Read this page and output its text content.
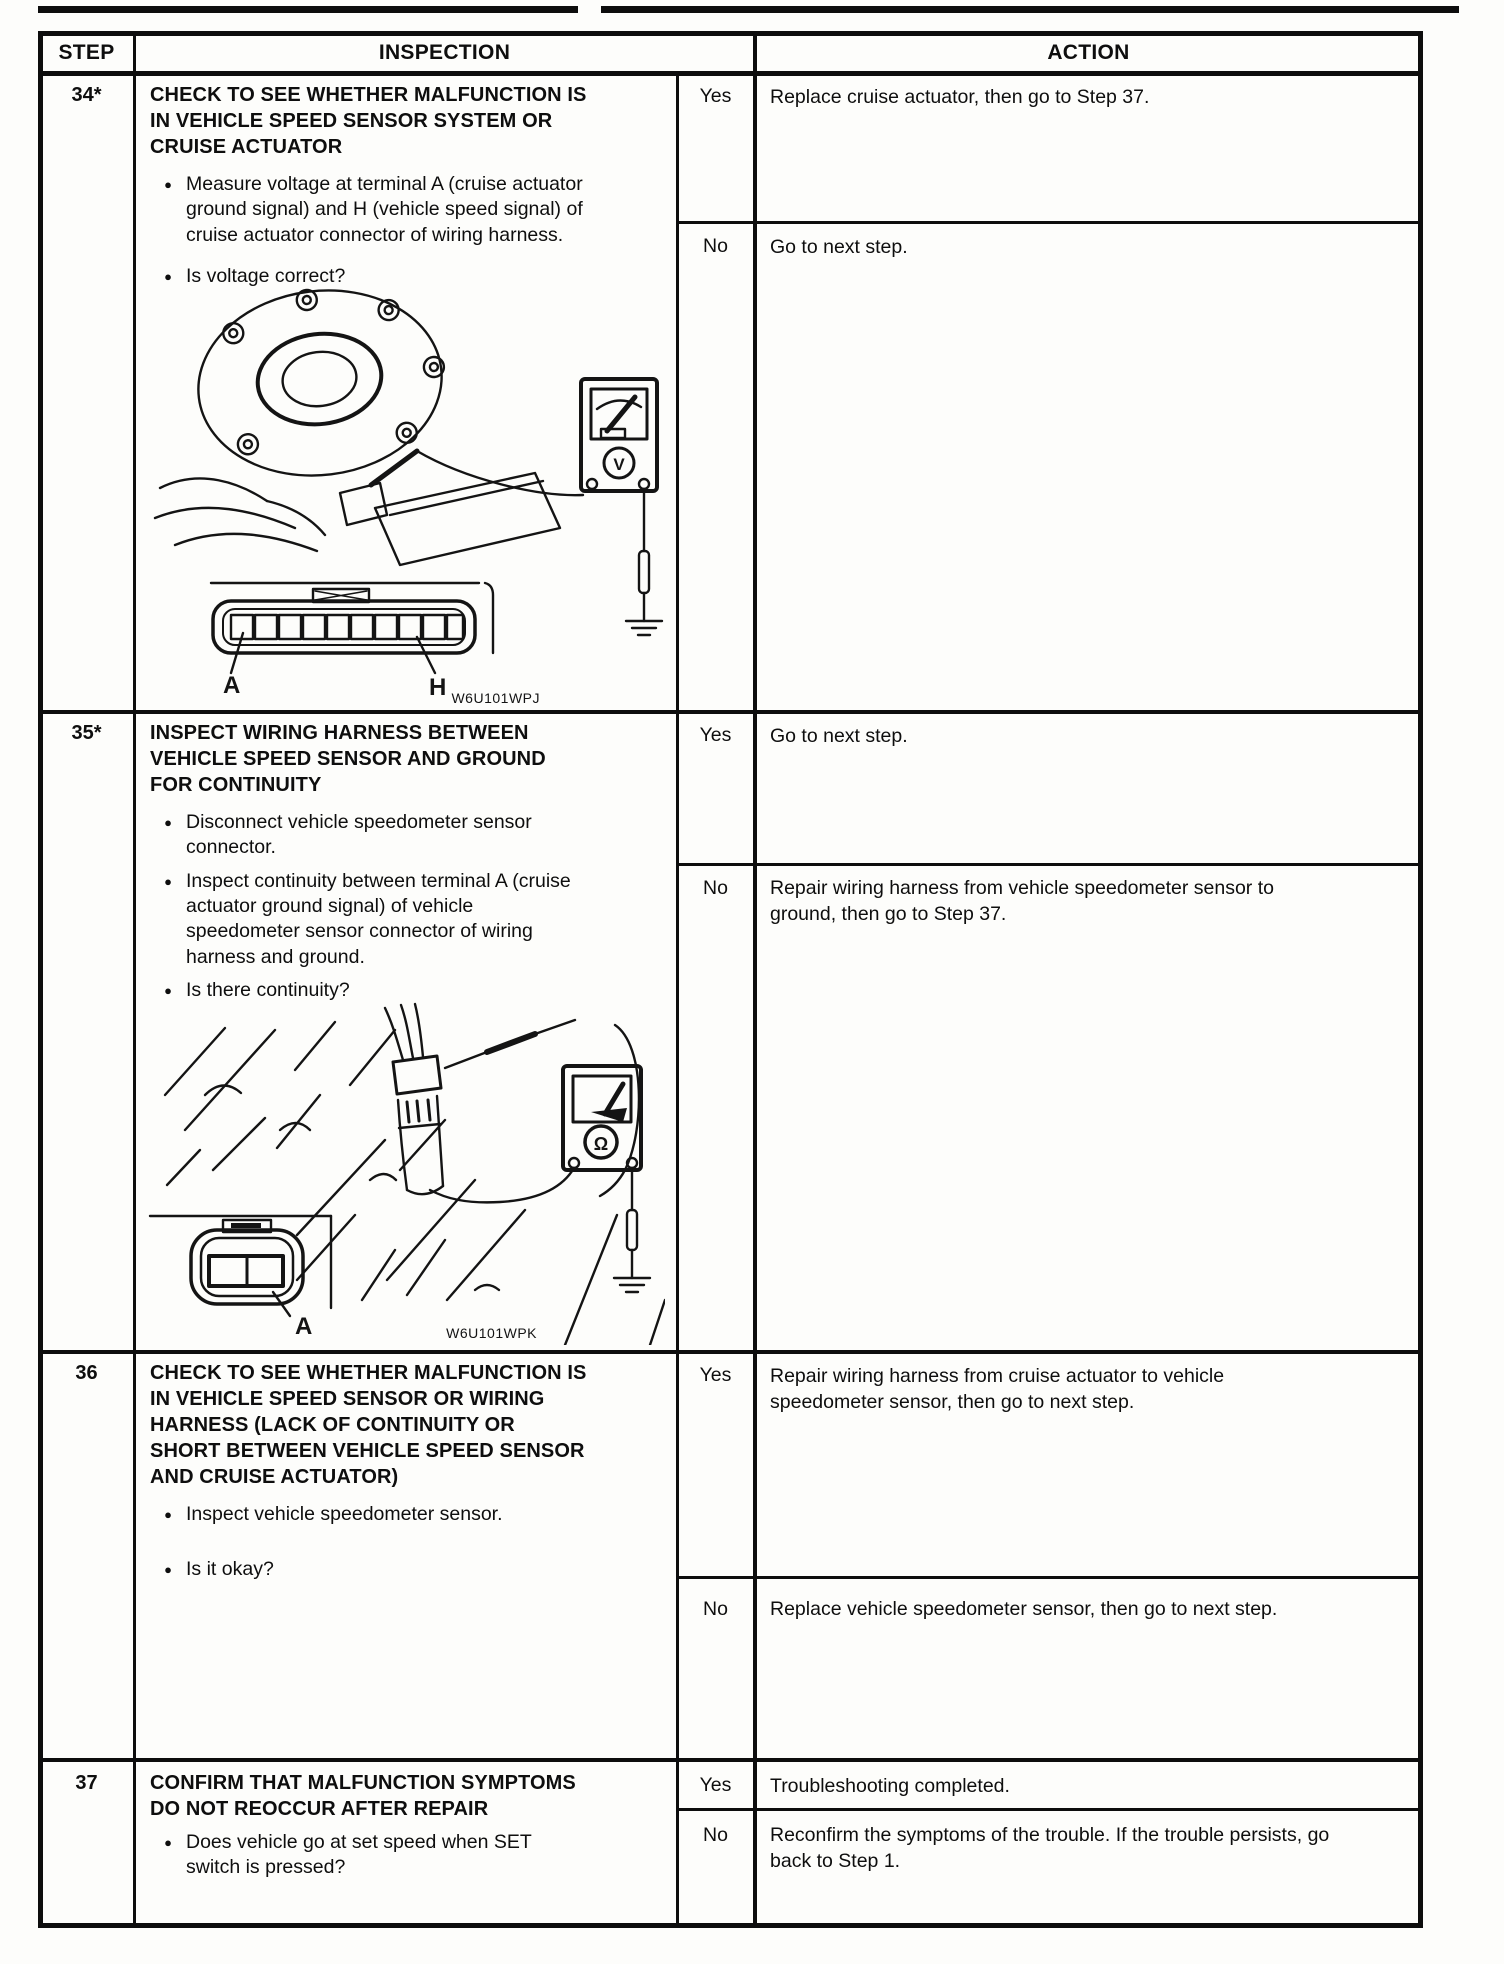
STEP	INSPECTION	ACTION
34*	CHECK TO SEE WHETHER MALFUNCTION IS IN VEHICLE SPEED SENSOR SYSTEM OR CRUISE ACTUATOR
● Measure voltage at terminal A (cruise actuator ground signal) and H (vehicle speed signal) of cruise actuator connector of wiring harness.
● Is voltage correct?
Yes	Replace cruise actuator, then go to Step 37.
No	Go to next step.
V
A	H W6U101WPJ
35*	INSPECT WIRING HARNESS BETWEEN VEHICLE SPEED SENSOR AND GROUND FOR CONTINUITY
● Disconnect vehicle speedometer sensor connector.
● Inspect continuity between terminal A (cruise actuator ground signal) of vehicle speedometer sensor connector of wiring harness and ground.
● Is there continuity?
Yes	Go to next step.
No	Repair wiring harness from vehicle speedometer sensor to ground, then go to Step 37.
Ω
A	W6U101WPK
36	CHECK TO SEE WHETHER MALFUNCTION IS IN VEHICLE SPEED SENSOR OR WIRING HARNESS (LACK OF CONTINUITY OR SHORT BETWEEN VEHICLE SPEED SENSOR AND CRUISE ACTUATOR)
● Inspect vehicle speedometer sensor.
● Is it okay?
Yes	Repair wiring harness from cruise actuator to vehicle speedometer sensor, then go to next step.
No	Replace vehicle speedometer sensor, then go to next step.
37	CONFIRM THAT MALFUNCTION SYMPTOMS DO NOT REOCCUR AFTER REPAIR
● Does vehicle go at set speed when SET switch is pressed?
Yes	Troubleshooting completed.
No	Reconfirm the symptoms of the trouble. If the trouble persists, go back to Step 1.
